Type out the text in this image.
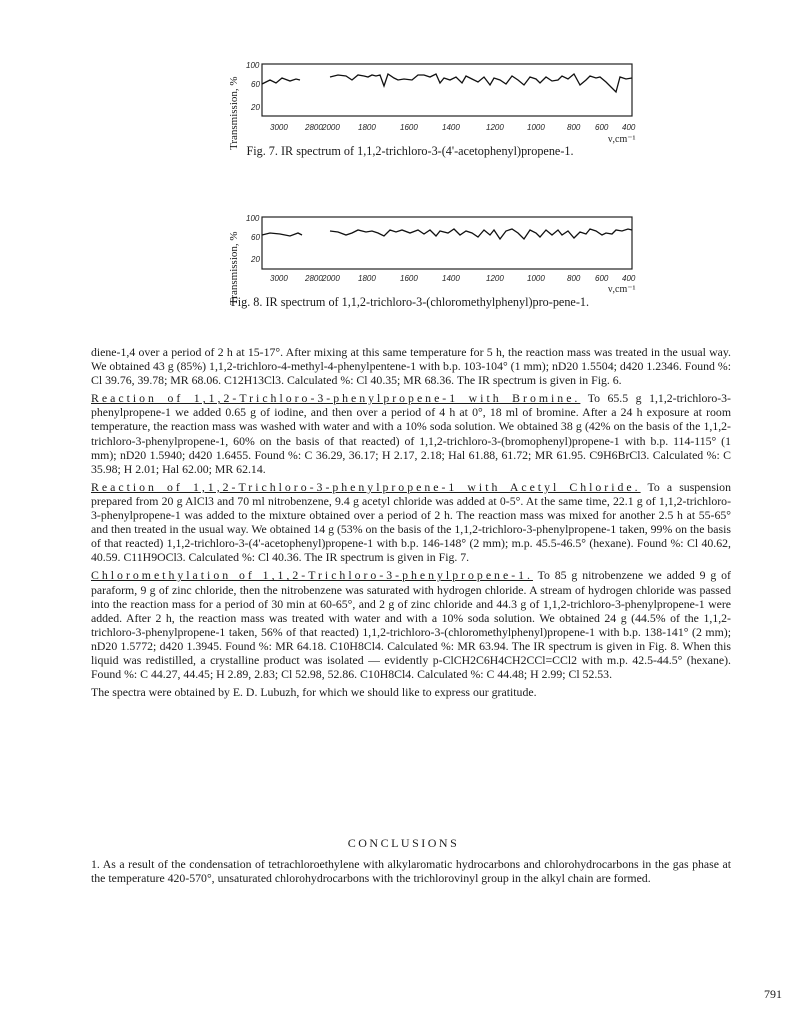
Transmission, %
100
60
20
3000 2800 2000 1800	1600	1400	1200	1000	800 600 400
ν,cm⁻¹
Fig. 7. IR spectrum of 1,1,2-trichloro-3-(4'-acetophenyl)propene-1.
Transmission, %
100
60
20
3000 2800 2000 1800	1600	1400	1200	1000	800 600 400
ν,cm⁻¹
Fig. 8. IR spectrum of 1,1,2-trichloro-3-(chloromethylphenyl)pro-pene-1.

diene-1,4 over a period of 2 h at 15-17°. After mixing at this same temperature for 5 h, the reaction mass was treated in the usual way. We obtained 43 g (85%) 1,1,2-trichloro-4-methyl-4-phenylpentene-1 with b.p. 103-104° (1 mm); nD20 1.5504; d420 1.2346. Found %: Cl 39.76, 39.78; MR 68.06. C12H13Cl3. Calculated %: Cl 40.35; MR 68.36. The IR spectrum is given in Fig. 6.

Reaction of 1,1,2-Trichloro-3-phenylpropene-1 with Bromine. To 65.5 g 1,1,2-trichloro-3-phenylpropene-1 we added 0.65 g of iodine, and then over a period of 4 h at 0°, 18 ml of bromine. After a 24 h exposure at room temperature, the reaction mass was washed with water and with a 10% soda solution. We obtained 38 g (42% on the basis of the 1,1,2-trichloro-3-phenylpropene-1, 60% on the basis of that reacted) of 1,1,2-trichloro-3-(bromophenyl)propene-1 with b.p. 114-115° (1 mm); nD20 1.5940; d420 1.6455. Found %: C 36.29, 36.17; H 2.17, 2.18; Hal 61.88, 61.72; MR 61.95. C9H6BrCl3. Calculated %: C 35.98; H 2.01; Hal 62.00; MR 62.14.

Reaction of 1,1,2-Trichloro-3-phenylpropene-1 with Acetyl Chloride. To a suspension prepared from 20 g AlCl3 and 70 ml nitrobenzene, 9.4 g acetyl chloride was added at 0-5°. At the same time, 22.1 g of 1,1,2-trichloro-3-phenylpropene-1 was added to the mixture obtained over a period of 2 h. The reaction mass was mixed for another 2.5 h at 55-65° and then treated in the usual way. We obtained 14 g (53% on the basis of the 1,1,2-trichloro-3-phenylpropene-1 taken, 99% on the basis of that reacted) 1,1,2-trichloro-3-(4'-acetophenyl)propene-1 with b.p. 146-148° (2 mm); m.p. 45.5-46.5° (hexane). Found %: Cl 40.62, 40.59. C11H9OCl3. Calculated %: Cl 40.36. The IR spectrum is given in Fig. 7.

Chloromethylation of 1,1,2-Trichloro-3-phenylpropene-1. To 85 g nitrobenzene we added 9 g of paraform, 9 g of zinc chloride, then the nitrobenzene was saturated with hydrogen chloride. A stream of hydrogen chloride was passed into the reaction mass for a period of 30 min at 60-65°, and 2 g of zinc chloride and 44.3 g of 1,1,2-trichloro-3-phenylpropene-1 were added. After 2 h, the reaction mass was treated with water and with a 10% soda solution. We obtained 24 g (44.5% of the 1,1,2-trichloro-3-phenylpropene-1 taken, 56% of that reacted) 1,1,2-trichloro-3-(chloromethylphenyl)propene-1 with b.p. 138-141° (2 mm); nD20 1.5772; d420 1.3945. Found %: MR 64.18. C10H8Cl4. Calculated %: MR 63.94. The IR spectrum is given in Fig. 8. When this liquid was redistilled, a crystalline product was isolated — evidently p-ClCH2C6H4CH2CCl=CCl2 with m.p. 42.5-44.5° (hexane). Found %: C 44.27, 44.45; H 2.89, 2.83; Cl 52.98, 52.86. C10H8Cl4. Calculated %: C 44.48; H 2.99; Cl 52.53.

The spectra were obtained by E. D. Lubuzh, for which we should like to express our gratitude.

CONCLUSIONS

1. As a result of the condensation of tetrachloroethylene with alkylaromatic hydrocarbons and chlorohydrocarbons in the gas phase at the temperature 420-570°, unsaturated chlorohydrocarbons with the trichlorovinyl group in the alkyl chain are formed.

791
